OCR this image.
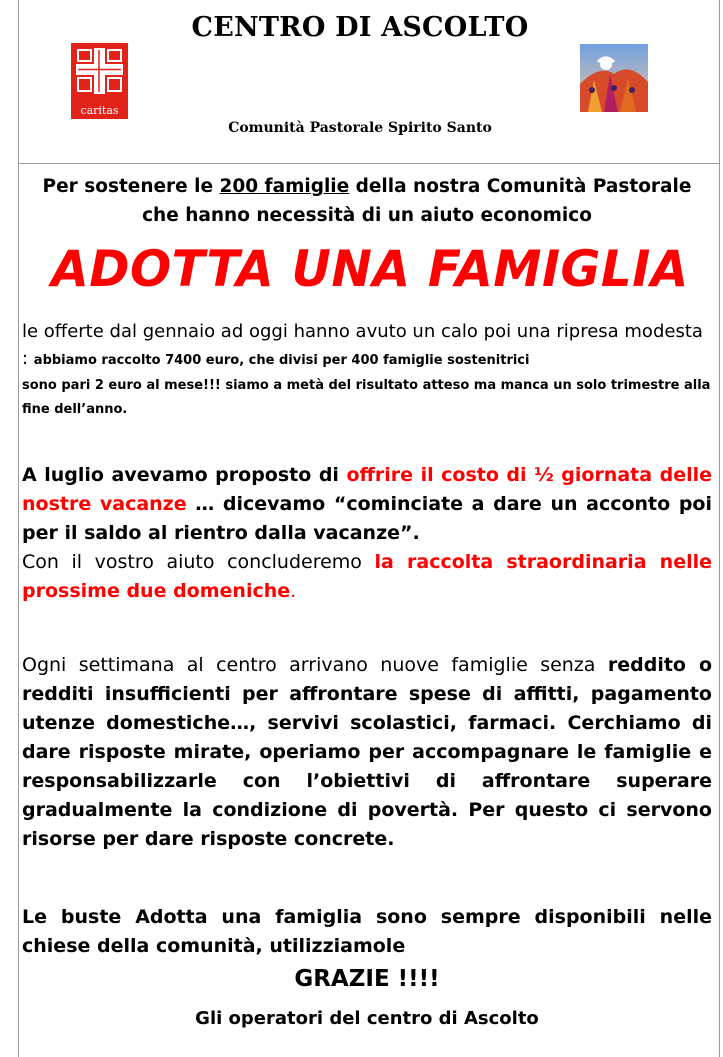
caritas
CENTRO DI ASCOLTO
Comunità Pastorale Spirito Santo
Per sostenere le 200 famiglie della nostra Comunità Pastorale
che hanno necessità di un aiuto economico
ADOTTA UNA FAMIGLIA
le offerte dal gennaio ad oggi hanno avuto un calo poi una ripresa modesta : abbiamo raccolto 7400 euro, che divisi per 400 famiglie sostenitrici
sono pari 2 euro al mese!!! siamo a metà del risultato atteso ma manca un solo trimestre alla fine dell’anno.
A luglio avevamo proposto di offrire il costo di ½ giornata delle nostre vacanze … dicevamo “cominciate a dare un acconto poi per il saldo al rientro dalla vacanze”.
Con il vostro aiuto concluderemo la raccolta straordinaria nelle prossime due domeniche.
Ogni settimana al centro arrivano nuove famiglie senza reddito o redditi insufficienti per affrontare spese di affitti, pagamento utenze domestiche…, servivi scolastici, farmaci. Cerchiamo di dare risposte mirate, operiamo per accompagnare le famiglie e responsabilizzarle con l’obiettivi di affrontare superare gradualmente la condizione di povertà. Per questo ci servono risorse per dare risposte concrete.
Le buste Adotta una famiglia sono sempre disponibili nelle chiese della comunità, utilizziamole
GRAZIE !!!!
Gli operatori del centro di Ascolto
